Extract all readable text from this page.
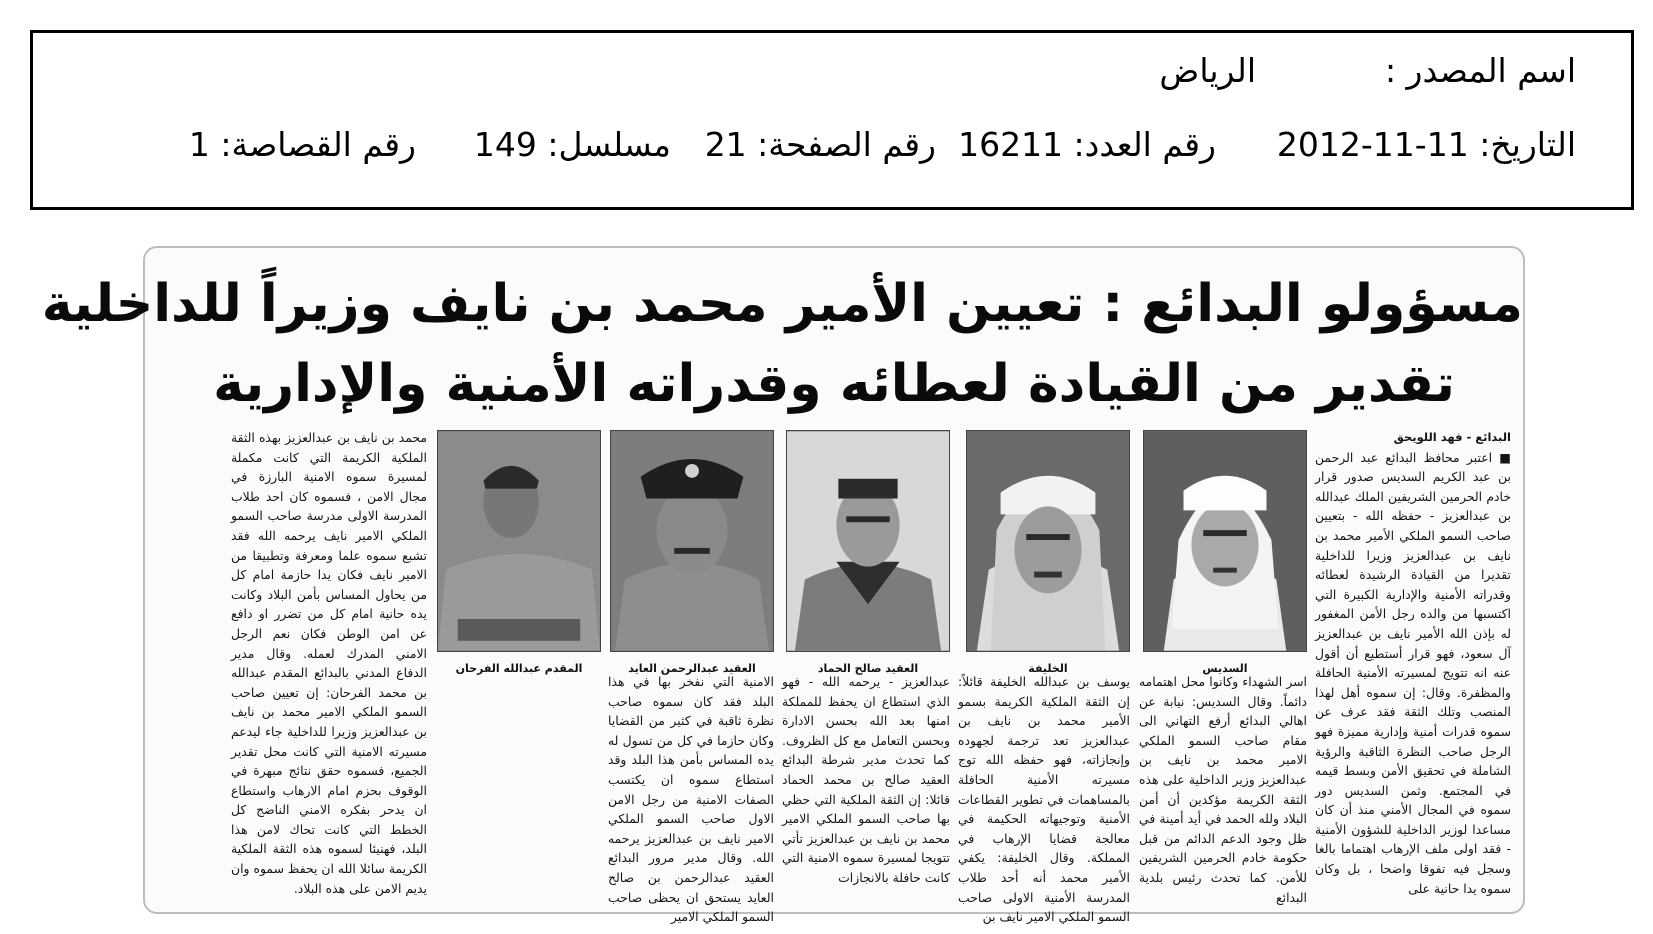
اسم المصدر :
الرياض
التاريخ: 11-11-2012
رقم العدد: 16211
رقم الصفحة: 21
مسلسل: 149
رقم القصاصة: 1
مسؤولو البدائع : تعيين الأمير محمد بن نايف وزيراً للداخلية
تقدير من القيادة لعطائه وقدراته الأمنية والإدارية
السديس
الخليفة
العقيد صالح الحماد
العقيد عبدالرحمن العايد
المقدم عبدالله الفرحان

البدائع - فهد اللويحق

■ اعتبر محافظ البدائع عبد الرحمن بن عبد الكريم السديس صدور قرار خادم الحرمين الشريفين الملك عبدالله بن عبدالعزيز - حفظه الله - بتعيين صاحب السمو الملكي الأمير محمد بن نايف بن عبدالعزيز وزيرا للداخلية تقديرا من القيادة الرشيدة لعطائه وقدراته الأمنية والإدارية الكبيرة التي اكتسبها من والده رجل الأمن المغفور له بإذن الله الأمير نايف بن عبدالعزيز آل سعود، فهو قرار أستطيع أن أقول عنه انه تتويج لمسيرته الأمنية الحافلة والمظفرة. وقال: إن سموه أهل لهذا المنصب وتلك الثقة فقد عرف عن سموه قدرات أمنية وإدارية مميزة فهو الرجل صاحب النظرة الثاقبة والرؤية الشاملة في تحقيق الأمن وبسط قيمه في المجتمع. وثمن السديس دور سموه في المجال الأمني منذ أن كان مساعدا لوزير الداخلية للشؤون الأمنية - فقد اولى ملف الإرهاب اهتماما بالغا وسجل فيه تفوقا واضحا ، بل وكان سموه يدا حانية على

اسر الشهداء وكانوا محل اهتمامه دائماً. وقال السديس: نيابة عن اهالي البدائع أرفع التهاني الى مقام صاحب السمو الملكي الامير محمد بن نايف بن عبدالعزيز وزير الداخلية على هذه الثقة الكريمة مؤكدين أن أمن البلاد ولله الحمد في أيد أمينة في ظل وجود الدعم الدائم من قبل حكومة خادم الحرمين الشريفين للأمن. كما تحدث رئيس بلدية البدائع

يوسف بن عبدالله الخليفة قائلاً: إن الثقة الملكية الكريمة بسمو الأمير محمد بن نايف بن عبدالعزيز تعد ترجمة لجهوده وإنجازاته، فهو حفظه الله توج مسيرته الأمنية الحافلة بالمساهمات في تطوير القطاعات الأمنية وتوجيهاته الحكيمة في معالجة قضايا الإرهاب في المملكة. وقال الخليفة: يكفي الأمير محمد أنه أحد طلاب المدرسة الأمنية الاولى صاحب السمو الملكي الامير نايف بن

عبدالعزيز - يرحمه الله - فهو الذي استطاع ان يحفظ للمملكة امنها بعد الله بحسن الادارة وبحسن التعامل مع كل الظروف. كما تحدث مدير شرطة البدائع العقيد صالح بن محمد الحماد قائلا: إن الثقة الملكية التي حظي بها صاحب السمو الملكي الامير محمد بن نايف بن عبدالعزيز تأتي تتويجا لمسيرة سموه الامنية التي كانت حافلة بالانجازات

الامنية التي نفخر بها في هذا البلد فقد كان سموه صاحب نظرة ثاقبة في كثير من القضايا وكان حازما في كل من تسول له يده المساس بأمن هذا البلد وقد استطاع سموه ان يكتسب الصفات الامنية من رجل الامن الاول صاحب السمو الملكي الامير نايف بن عبدالعزيز يرحمه الله. وقال مدير مرور البدائع العقيد عبدالرحمن بن صالح العايد يستحق ان يحظى صاحب السمو الملكي الامير

محمد بن نايف بن عبدالعزيز بهذه الثقة الملكية الكريمة التي كانت مكملة لمسيرة سموه الامنية البارزة في مجال الامن ، فسموه كان احد طلاب المدرسة الاولى مدرسة صاحب السمو الملكي الامير نايف يرحمه الله فقد تشبع سموه علما ومعرفة وتطبيقا من الامير نايف فكان يدا حازمة امام كل من يحاول المساس بأمن البلاد وكانت يده حانية امام كل من تضرر او دافع عن امن الوطن فكان نعم الرجل الامني المدرك لعمله. وقال مدير الدفاع المدني بالبدائع المقدم عبدالله بن محمد الفرحان: إن تعيين صاحب السمو الملكي الامير محمد بن نايف بن عبدالعزيز وزيرا للداخلية جاء ليدعم مسيرته الامنية التي كانت محل تقدير الجميع، فسموه حقق نتائج مبهرة في الوقوف بحزم امام الارهاب واستطاع ان يدحر بفكره الامني الناضج كل الخطط التي كانت تحاك لامن هذا البلد، فهنيئا لسموه هذه الثقة الملكية الكريمة سائلا الله ان يحفظ سموه وان يديم الامن على هذه البلاد.
